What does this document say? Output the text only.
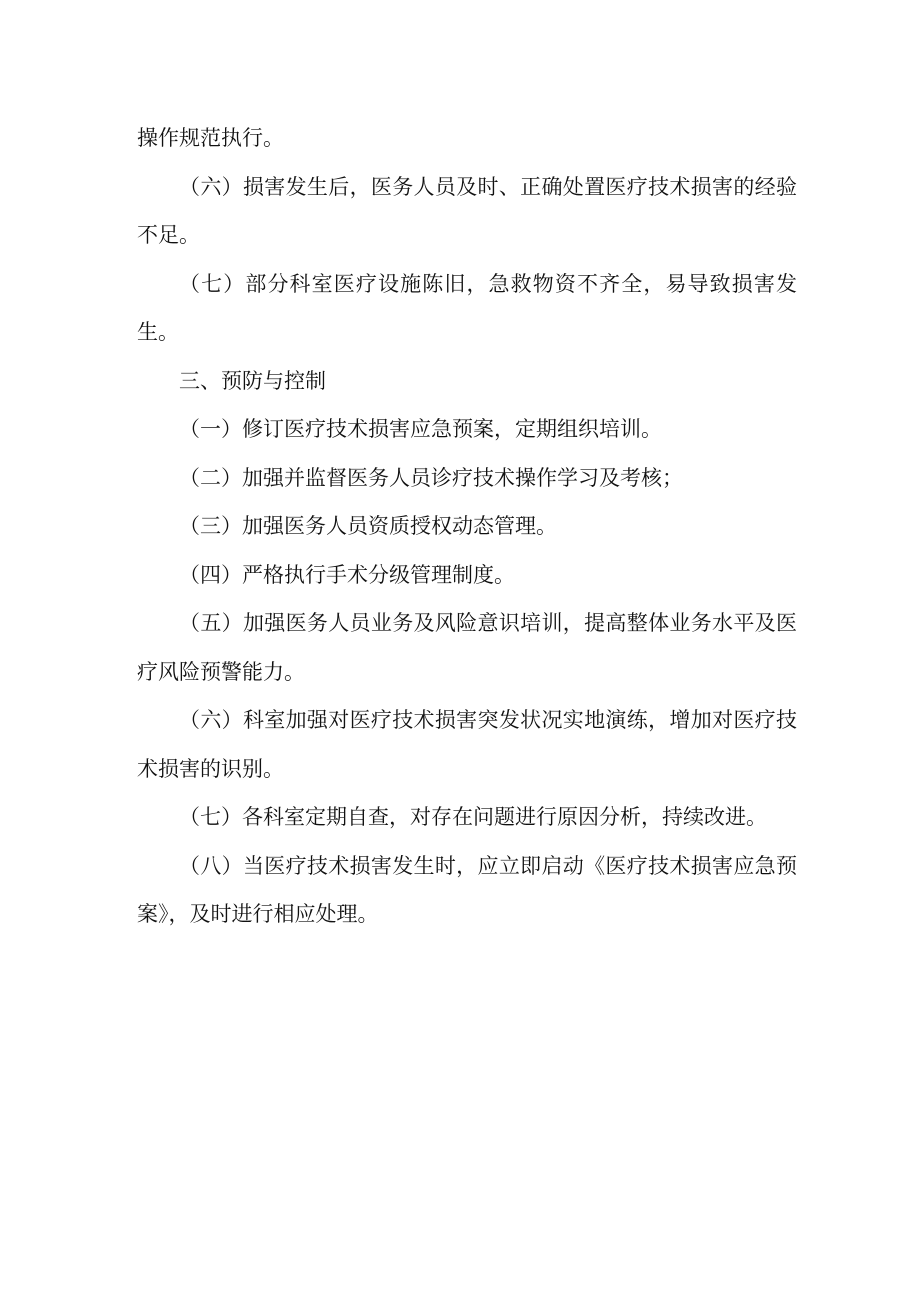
操作规范执行。

（六）损害发生后，医务人员及时、正确处置医疗技术损害的经验不足。

（七）部分科室医疗设施陈旧，急救物资不齐全，易导致损害发生。

三、预防与控制

（一）修订医疗技术损害应急预案，定期组织培训。

（二）加强并监督医务人员诊疗技术操作学习及考核；

（三）加强医务人员资质授权动态管理。

（四）严格执行手术分级管理制度。

（五）加强医务人员业务及风险意识培训，提高整体业务水平及医疗风险预警能力。

（六）科室加强对医疗技术损害突发状况实地演练，增加对医疗技术损害的识别。

（七）各科室定期自查，对存在问题进行原因分析，持续改进。

（八）当医疗技术损害发生时，应立即启动《医疗技术损害应急预案》，及时进行相应处理。
